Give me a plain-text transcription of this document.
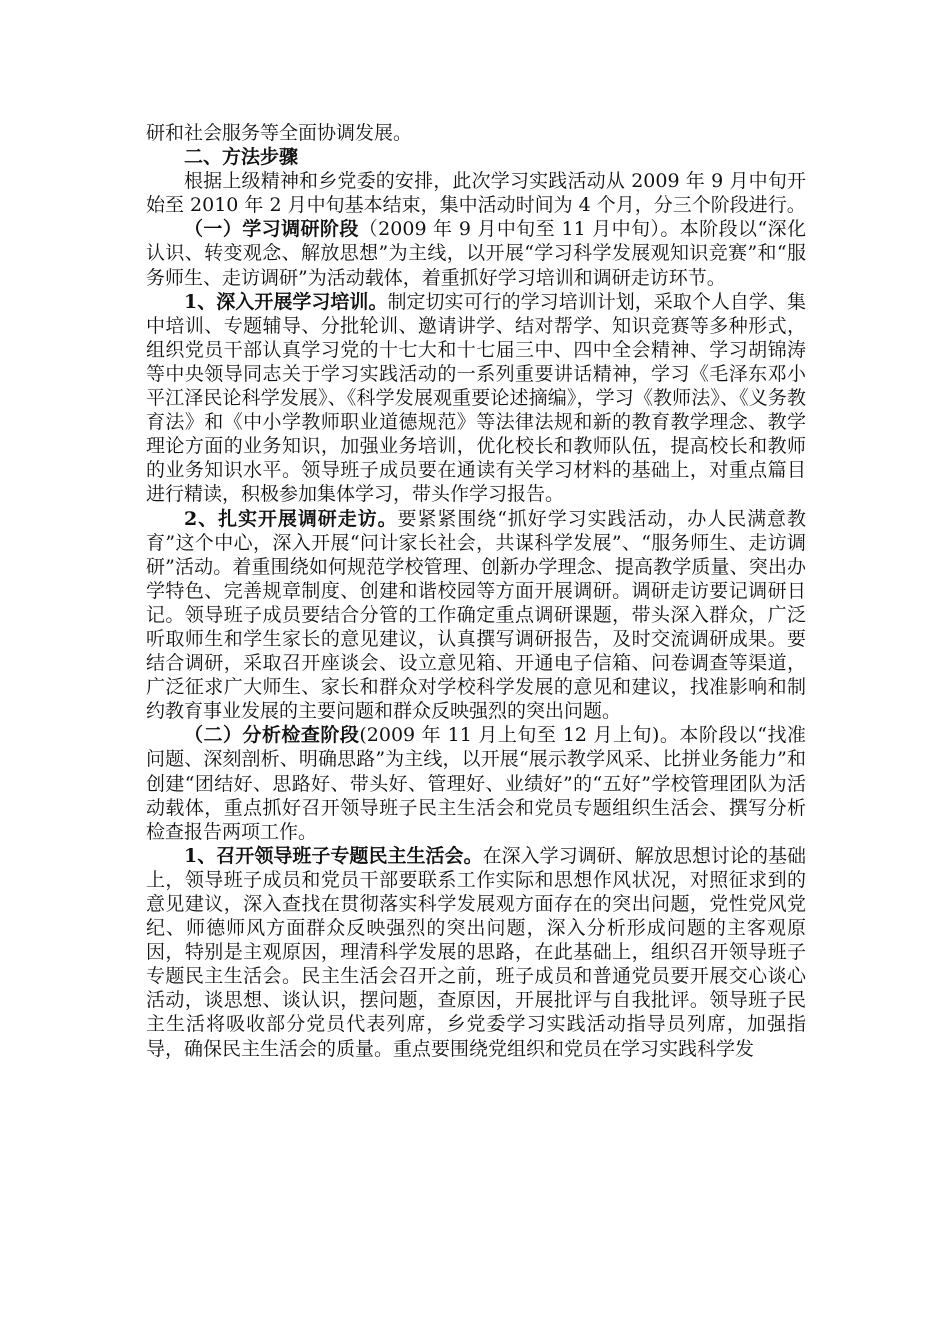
研和社会服务等全面协调发展。

二、方法步骤

根据上级精神和乡党委的安排，此次学习实践活动从 2009 年 9 月中旬开始至 2010 年 2 月中旬基本结束，集中活动时间为 4 个月，分三个阶段进行。

（一）学习调研阶段（2009 年 9 月中旬至 11 月中旬）。本阶段以“深化认识、转变观念、解放思想”为主线，以开展“学习科学发展观知识竞赛”和“服务师生、走访调研”为活动载体，着重抓好学习培训和调研走访环节。

1、深入开展学习培训。制定切实可行的学习培训计划，采取个人自学、集中培训、专题辅导、分批轮训、邀请讲学、结对帮学、知识竞赛等多种形式，组织党员干部认真学习党的十七大和十七届三中、四中全会精神、学习胡锦涛等中央领导同志关于学习实践活动的一系列重要讲话精神，学习《毛泽东邓小平江泽民论科学发展》、《科学发展观重要论述摘编》，学习《教师法》、《义务教育法》和《中小学教师职业道德规范》等法律法规和新的教育教学理念、教学理论方面的业务知识，加强业务培训，优化校长和教师队伍，提高校长和教师的业务知识水平。领导班子成员要在通读有关学习材料的基础上，对重点篇目进行精读，积极参加集体学习，带头作学习报告。

2、扎实开展调研走访。要紧紧围绕“抓好学习实践活动，办人民满意教育”这个中心，深入开展“问计家长社会，共谋科学发展”、“服务师生、走访调研”活动。着重围绕如何规范学校管理、创新办学理念、提高教学质量、突出办学特色、完善规章制度、创建和谐校园等方面开展调研。调研走访要记调研日记。领导班子成员要结合分管的工作确定重点调研课题，带头深入群众，广泛听取师生和学生家长的意见建议，认真撰写调研报告，及时交流调研成果。要结合调研，采取召开座谈会、设立意见箱、开通电子信箱、问卷调查等渠道，广泛征求广大师生、家长和群众对学校科学发展的意见和建议，找准影响和制约教育事业发展的主要问题和群众反映强烈的突出问题。

（二）分析检查阶段(2009 年 11 月上旬至 12 月上旬)。本阶段以“找准问题、深刻剖析、明确思路”为主线，以开展“展示教学风采、比拼业务能力”和创建“团结好、思路好、带头好、管理好、业绩好”的“五好”学校管理团队为活动载体，重点抓好召开领导班子民主生活会和党员专题组织生活会、撰写分析检查报告两项工作。

1、召开领导班子专题民主生活会。在深入学习调研、解放思想讨论的基础上，领导班子成员和党员干部要联系工作实际和思想作风状况，对照征求到的意见建议，深入查找在贯彻落实科学发展观方面存在的突出问题，党性党风党纪、师德师风方面群众反映强烈的突出问题，深入分析形成问题的主客观原因，特别是主观原因，理清科学发展的思路，在此基础上，组织召开领导班子专题民主生活会。民主生活会召开之前，班子成员和普通党员要开展交心谈心活动，谈思想、谈认识，摆问题，查原因，开展批评与自我批评。领导班子民主生活将吸收部分党员代表列席，乡党委学习实践活动指导员列席，加强指导，确保民主生活会的质量。重点要围绕党组织和党员在学习实践科学发
